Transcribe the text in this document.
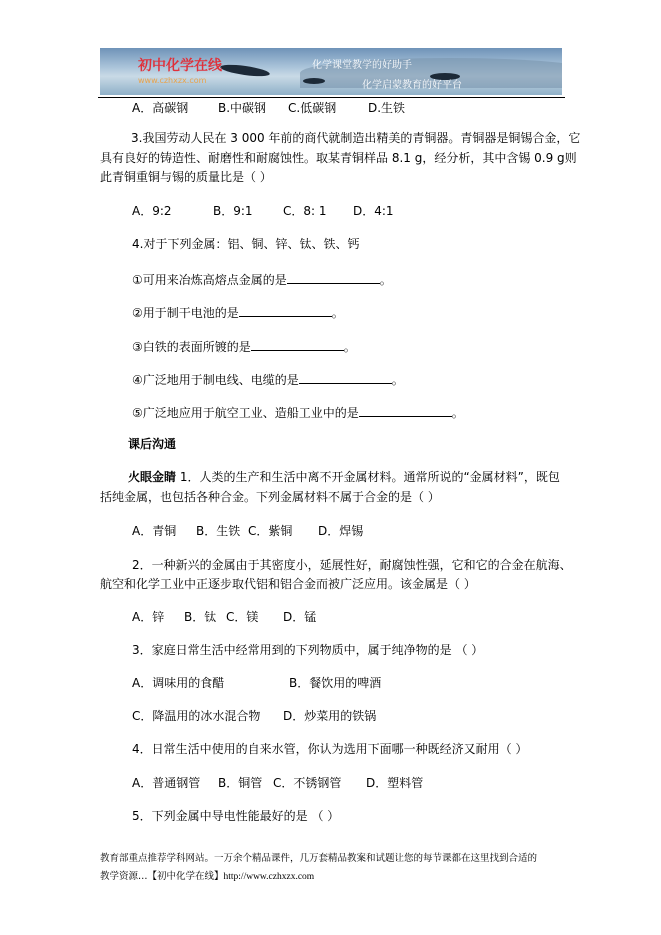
初中化学在线
www.czhxzx.com
化学课堂教学的好助手
化学启蒙教育的好平台
A．高碳钢 B.中碳钢 C.低碳钢	D.生铁
3.我国劳动人民在 3 000 年前的商代就制造出精美的青铜器。青铜器是铜锡合金，它
具有良好的铸造性、耐磨性和耐腐蚀性。取某青铜样品 8.1 g，经分析，其中含锡 0.9 g则
此青铜重铜与锡的质量比是（ ）
A．9:2	B．9:1	C．8: 1 D．4:1
4.对于下列金属：铝、铜、锌、钛、铁、钙
①可用来冶炼高熔点金属的是	。
②用于制干电池的是	。
③白铁的表面所镀的是	。
④广泛地用于制电线、电缆的是	。
⑤广泛地应用于航空工业、造船工业中的是	。
课后沟通
火眼金睛 1．人类的生产和生活中离不开金属材料。通常所说的“金属材料”，既包
括纯金属，也包括各种合金。下列金属材料不属于合金的是（ ）
A．青铜 B．生铁 C．紫铜 D．焊锡
2．一种新兴的金属由于其密度小，延展性好，耐腐蚀性强，它和它的合金在航海、
航空和化学工业中正逐步取代铝和铝合金而被广泛应用。该金属是（ ）
A．锌 B．钛 C．镁 D．锰
3．家庭日常生活中经常用到的下列物质中，属于纯净物的是 （ ）
A．调味用的食醋	B．餐饮用的啤酒
C．降温用的冰水混合物 D．炒菜用的铁锅
4．日常生活中使用的自来水管，你认为选用下面哪一种既经济又耐用（ ）
A．普通钢管 B．铜管 C．不锈钢管 D．塑料管
5．下列金属中导电性能最好的是 （ ）
教育部重点推荐学科网站。一万余个精品课件，几万套精品教案和试题让您的每节课都在这里找到合适的
教学资源…【初中化学在线】http://www.czhxzx.com
